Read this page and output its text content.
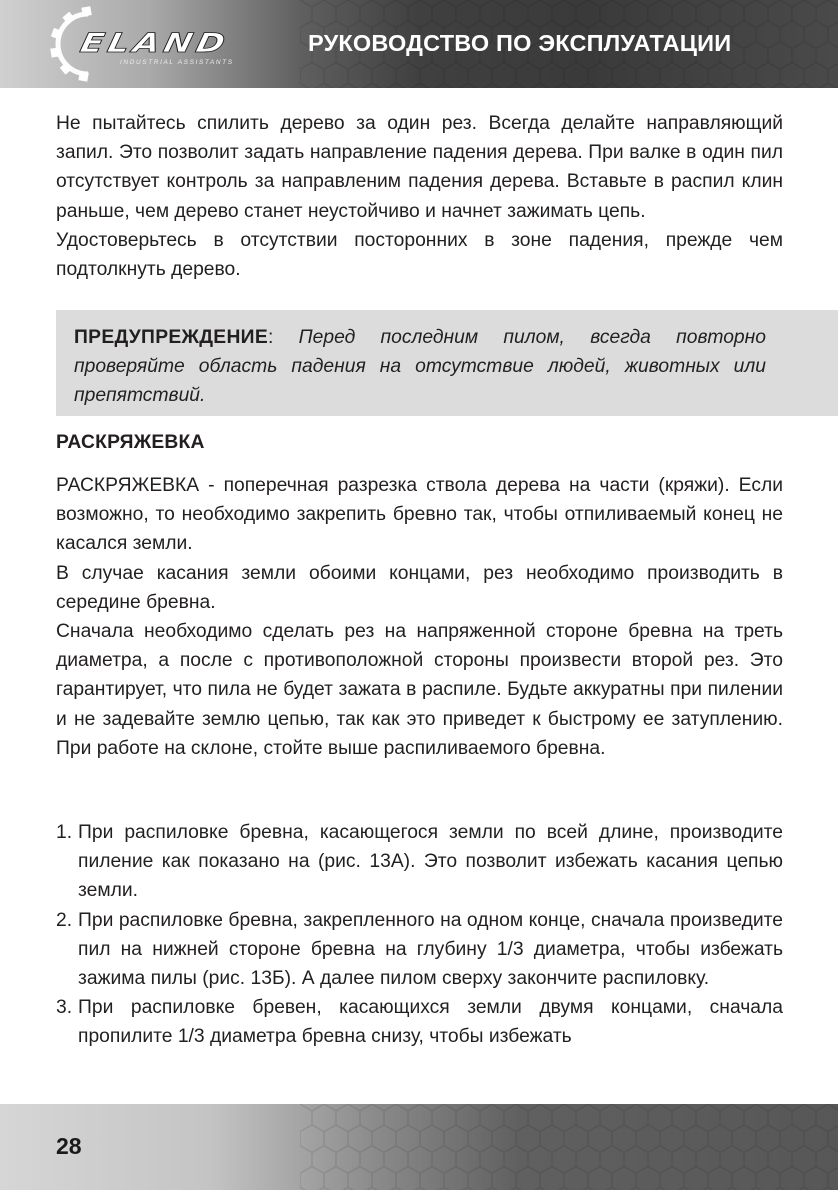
ELAND
INDUSTRIAL ASSISTANTS
РУКОВОДСТВО ПО ЭКСПЛУАТАЦИИ

Не пытайтесь спилить дерево за один рез. Всегда делайте направляющий запил. Это позволит задать направление падения дерева. При валке в один пил отсутствует контроль за направленим падения дерева. Вставьте в распил клин раньше, чем дерево станет неустойчиво и начнет зажимать цепь.

Удостоверьтесь в отсутствии посторонних в зоне падения, прежде чем подтолкнуть дерево.

ПРЕДУПРЕЖДЕНИЕ: Перед последним пилом, всегда повторно проверяйте область падения на отсутствие людей, животных или препятствий.

РАСКРЯЖЕВКА

РАСКРЯЖЕВКА - поперечная разрезка ствола дерева на части (кряжи). Если возможно, то необходимо закрепить бревно так, чтобы отпиливаемый конец не касался земли.

В случае касания земли обоими концами, рез необходимо производить в середине бревна.

Сначала необходимо сделать рез на напряженной стороне бревна на треть диаметра, а после с противоположной стороны произвести второй рез. Это гарантирует, что пила не будет зажата в распиле. Будьте аккуратны при пилении и не задевайте землю цепью, так как это приведет к быстрому ее затуплению. При работе на склоне, стойте выше распиливаемого бревна.

1. При распиловке бревна, касающегося земли по всей длине, производите пиление как показано на (рис. 13А). Это позволит избежать касания цепью земли.
2. При распиловке бревна, закрепленного на одном конце, сначала произведите пил на нижней стороне бревна на глубину 1/3 диаметра, чтобы избежать зажима пилы (рис. 13Б). А далее пилом сверху закончите распиловку.
3. При распиловке бревен, касающихся земли двумя концами, сначала пропилите 1/3 диаметра бревна снизу, чтобы избежать
28
